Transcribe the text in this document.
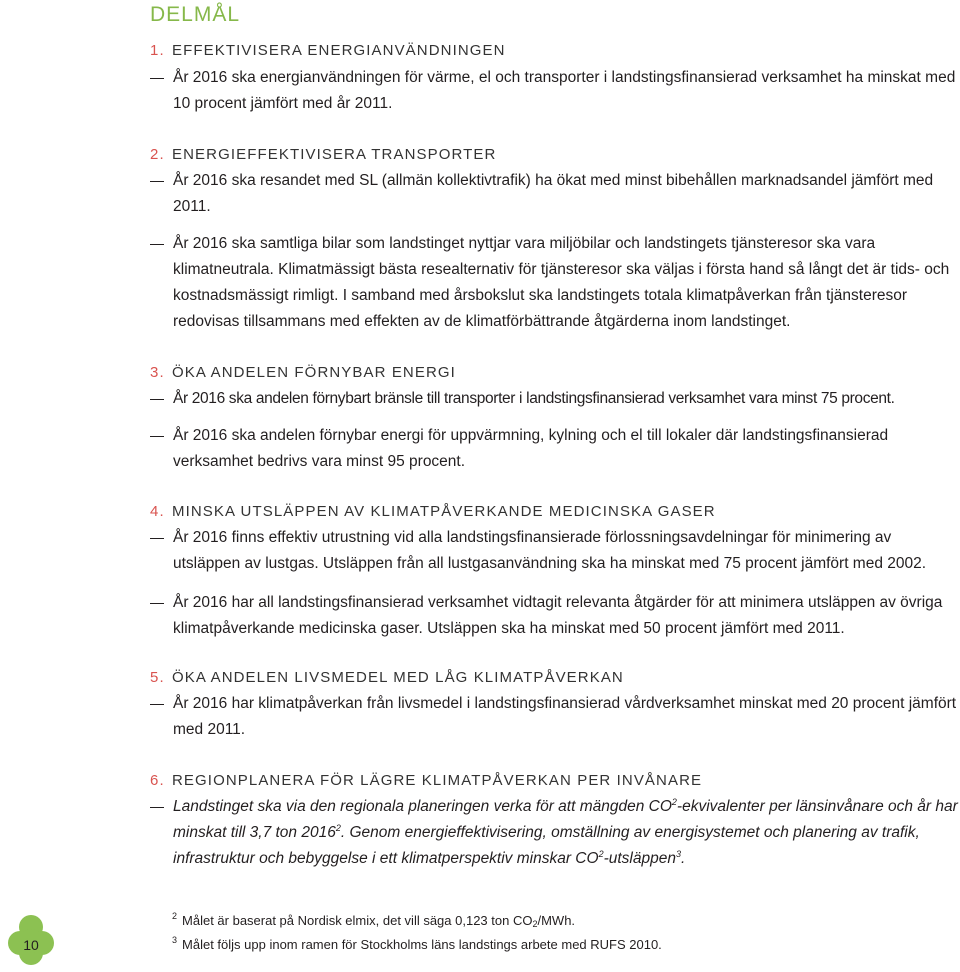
DELMÅL
1. EFFEKTIVISERA ENERGIANVÄNDNINGEN
År 2016 ska energianvändningen för värme, el och transporter i landstingsfinansierad verksamhet ha minskat med 10 procent jämfört med år 2011.
2. ENERGIEFFEKTIVISERA TRANSPORTER
År 2016 ska resandet med SL (allmän kollektivtrafik) ha ökat med minst bibehållen marknadsandel jämfört med 2011.
År 2016 ska samtliga bilar som landstinget nyttjar vara miljöbilar och landstingets tjänsteresor ska vara klimatneutrala. Klimatmässigt bästa resealternativ för tjänsteresor ska väljas i första hand så långt det är tids- och kostnadsmässigt rimligt. I samband med årsbokslut ska landstingets totala klimatpåverkan från tjänsteresor redovisas tillsammans med effekten av de klimatförbättrande åtgärderna inom landstinget.
3. ÖKA ANDELEN FÖRNYBAR ENERGI
År 2016 ska andelen förnybart bränsle till transporter i landstingsfinansierad verksamhet vara minst 75 procent.
År 2016 ska andelen förnybar energi för uppvärmning, kylning och el till lokaler där landstingsfinansierad verksamhet bedrivs vara minst 95 procent.
4. MINSKA UTSLÄPPEN AV KLIMATPÅVERKANDE MEDICINSKA GASER
År 2016 finns effektiv utrustning vid alla landstingsfinansierade förlossningsavdelningar för minimering av utsläppen av lustgas. Utsläppen från all lustgasanvändning ska ha minskat med 75 procent jämfört med 2002.
År 2016 har all landstingsfinansierad verksamhet vidtagit relevanta åtgärder för att minimera utsläppen av övriga klimatpåverkande medicinska gaser. Utsläppen ska ha minskat med 50 procent jämfört med 2011.
5. ÖKA ANDELEN LIVSMEDEL MED LÅG KLIMATPÅVERKAN
År 2016 har klimatpåverkan från livsmedel i landstingsfinansierad vårdverksamhet minskat med 20 procent jämfört med 2011.
6. REGIONPLANERA FÖR LÄGRE KLIMATPÅVERKAN PER INVÅNARE
Landstinget ska via den regionala planeringen verka för att mängden $CO^2$-ekvivalenter per länsinvånare och år har minskat till 3,7 ton 2016$^2$. Genom energieffektivisering, omställning av energisystemet och planering av trafik, infrastruktur och bebyggelse i ett klimatperspektiv minskar $CO^2-utsläppen^3$.
$^2$ Målet är baserat på Nordisk elmix, det vill säga 0,123 ton $CO_2$/MWh.
$^3$ Målet följs upp inom ramen för Stockholms läns landstings arbete med RUFS 2010.
10
